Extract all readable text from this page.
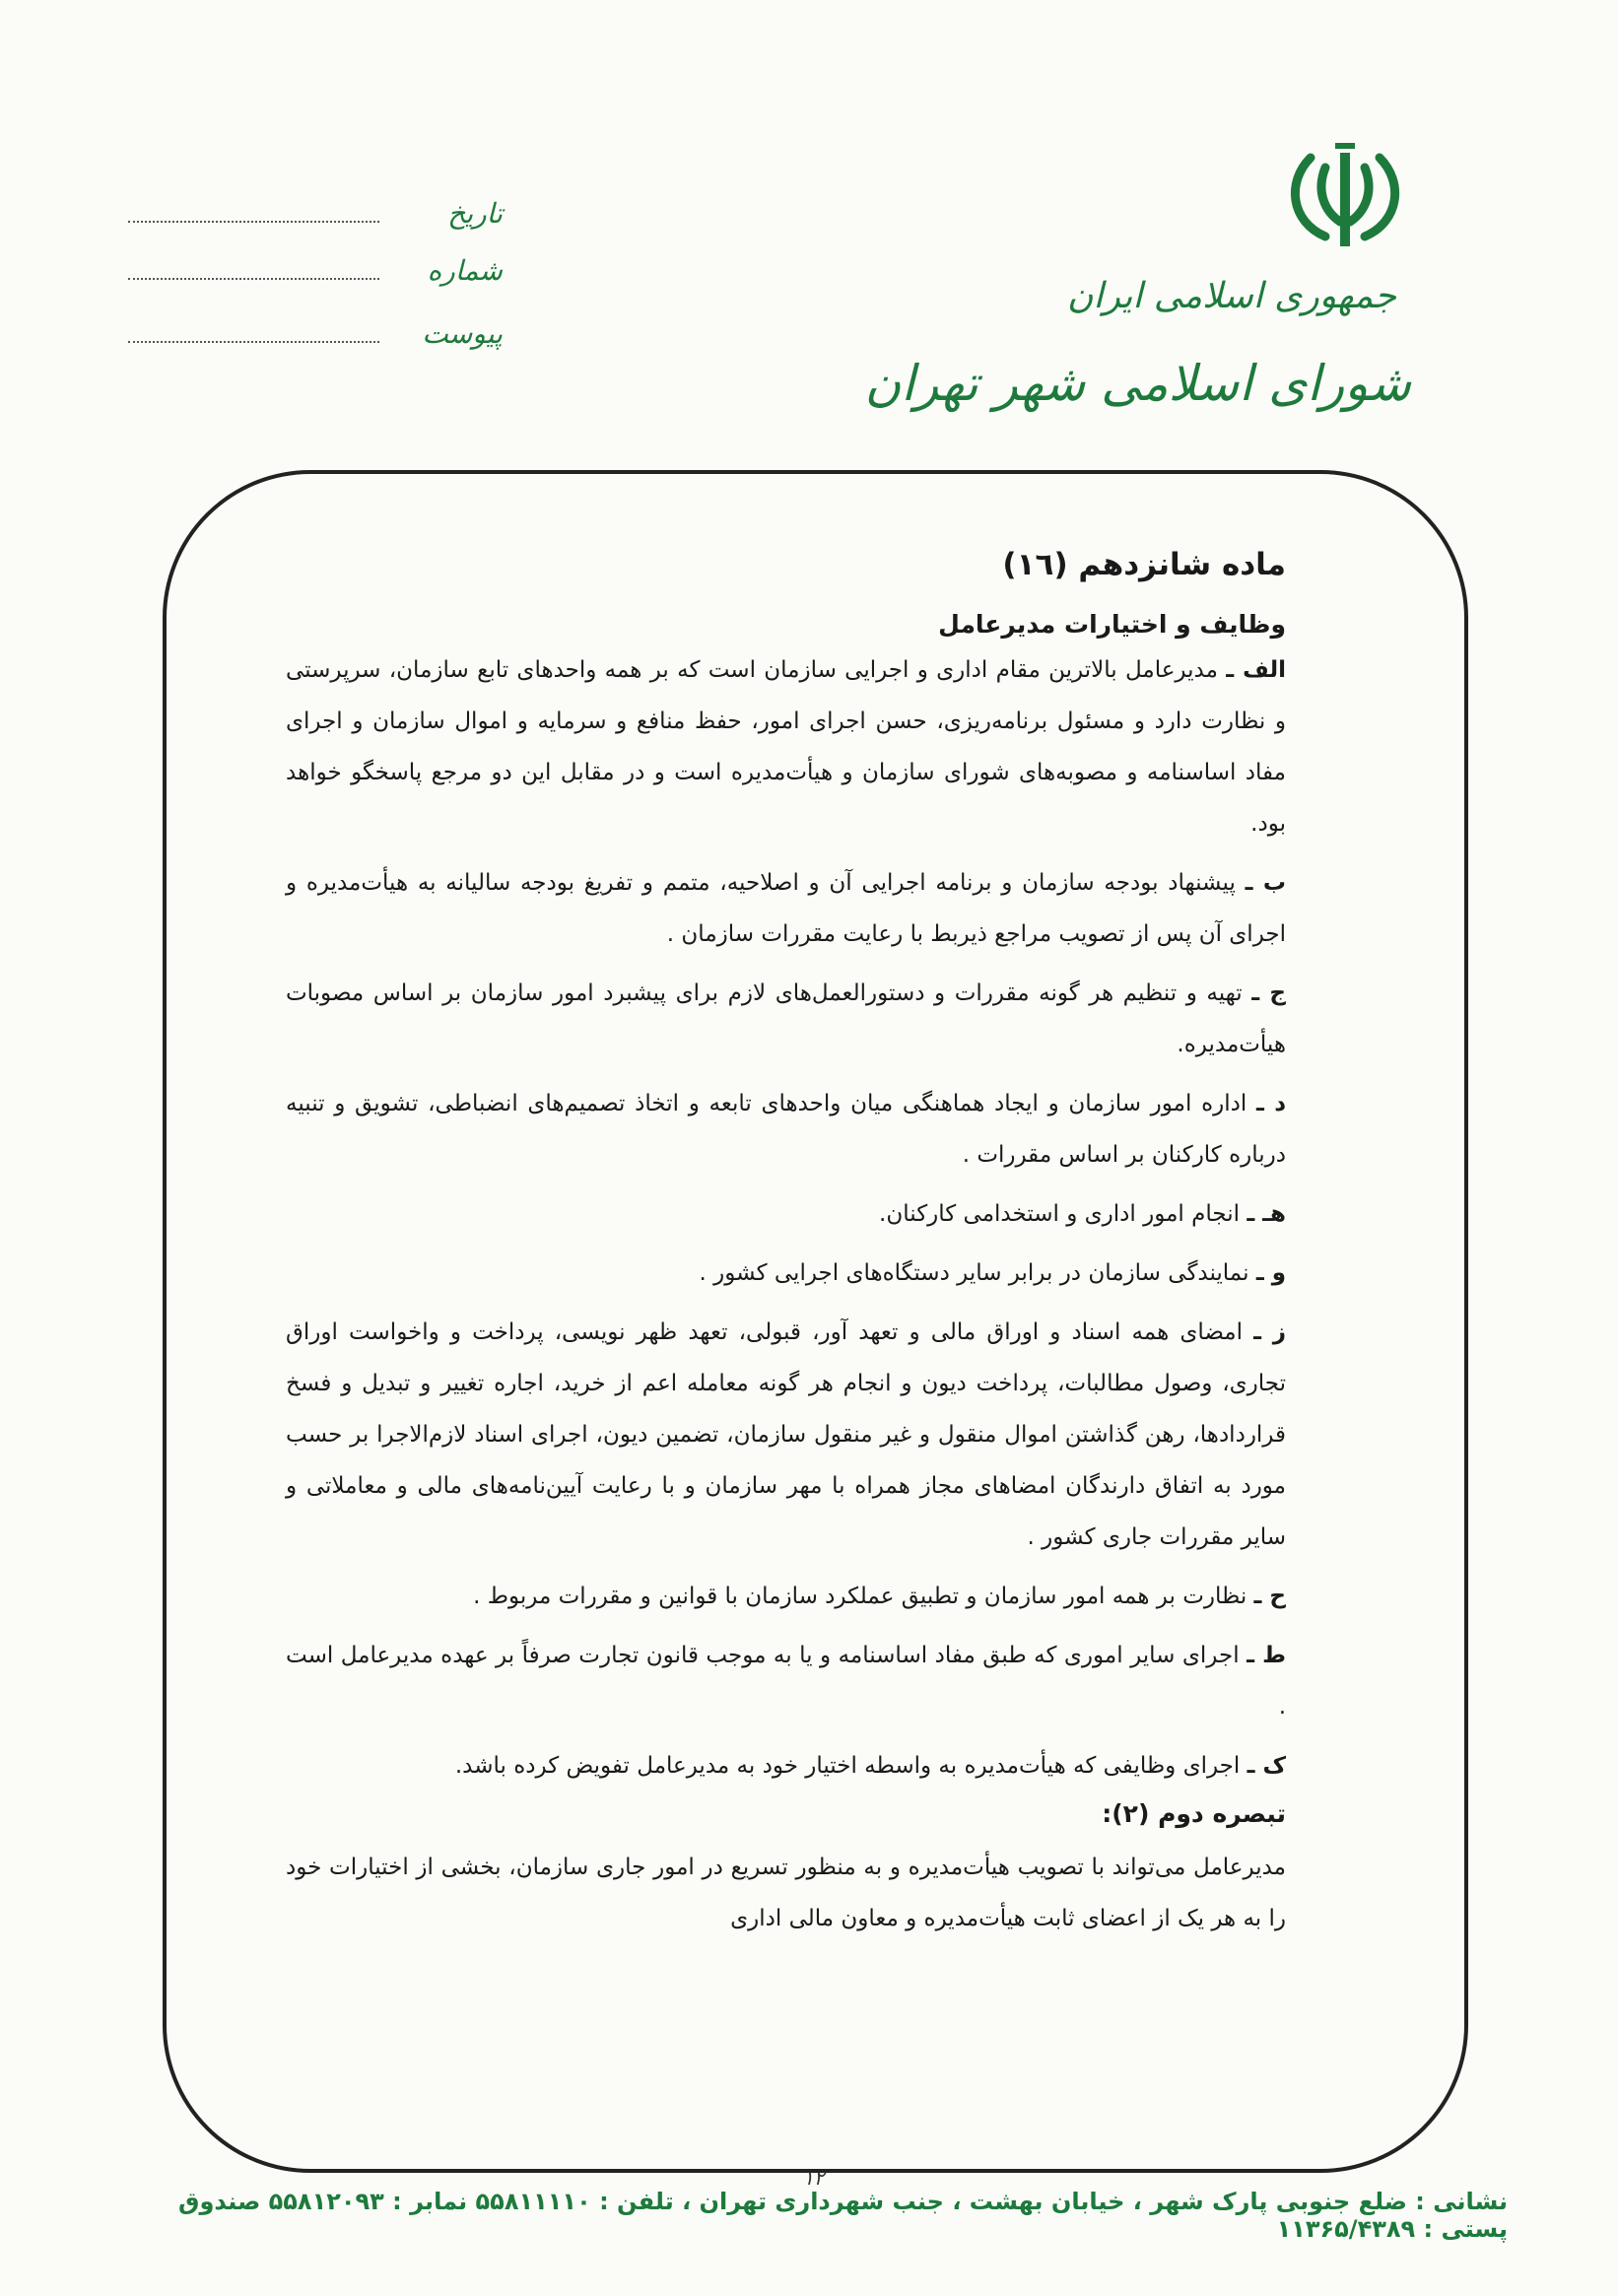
جمهوری اسلامی ایران
شورای اسلامی شهر تهران
تاریخ
شماره
پیوست
ماده شانزدهم (١٦)
وظایف و اختیارات مدیرعامل
الف ـ مدیرعامل بالاترین مقام اداری و اجرایی سازمان است که بر همه واحدهای تابع سازمان، سرپرستی و نظارت دارد و مسئول برنامه‌ریزی، حسن اجرای امور، حفظ منافع و سرمایه و اموال سازمان و اجرای مفاد اساسنامه و مصوبه‌های شورای سازمان و هیأت‌مدیره است و در مقابل این دو مرجع پاسخگو خواهد بود.
ب ـ پیشنهاد بودجه سازمان و برنامه اجرایی آن و اصلاحیه، متمم و تفریغ بودجه سالیانه به هیأت‌مدیره و اجرای آن پس از تصویب مراجع ذیربط با رعایت مقررات سازمان .
ج ـ تهیه و تنظیم هر گونه مقررات و دستورالعمل‌های لازم برای پیشبرد امور سازمان بر اساس مصوبات هیأت‌مدیره.
د ـ اداره امور سازمان و ایجاد هماهنگی میان واحدهای تابعه و اتخاذ تصمیم‌های انضباطی، تشویق و تنبیه درباره کارکنان بر اساس مقررات .
هـ ـ انجام امور اداری و استخدامی کارکنان.
و ـ نمایندگی سازمان در برابر سایر دستگاه‌های اجرایی کشور .
ز ـ امضای همه اسناد و اوراق مالی و تعهد آور، قبولی، تعهد ظهر نویسی، پرداخت و واخواست اوراق تجاری، وصول مطالبات، پرداخت دیون و انجام هر گونه معامله اعم از خرید، اجاره تغییر و تبدیل و فسخ قراردادها، رهن گذاشتن اموال منقول و غیر منقول سازمان، تضمین دیون، اجرای اسناد لازم‌الاجرا بر حسب مورد به اتفاق دارندگان امضاهای مجاز همراه با مهر سازمان و با رعایت آیین‌نامه‌های مالی و معاملاتی و سایر مقررات جاری کشور .
ح ـ نظارت بر همه امور سازمان و تطبیق عملکرد سازمان با قوانین و مقررات مربوط .
ط ـ اجرای سایر اموری که طبق مفاد اساسنامه و یا به موجب قانون تجارت صرفاً بر عهده مدیرعامل است .
ک ـ اجرای وظایفی که هیأت‌مدیره به واسطه اختیار خود به مدیرعامل تفویض کرده باشد.
تبصره دوم (۲):
مدیرعامل می‌تواند با تصویب هیأت‌مدیره و به منظور تسریع در امور جاری سازمان، بخشی از اختیارات خود را به هر یک از اعضای ثابت هیأت‌مدیره و معاون مالی اداری
۱۲
نشانی : ضلع جنوبی پارک شهر ، خیابان بهشت ، جنب شهرداری تهران ، تلفن : ۵۵۸۱۱۱۱۰ نمابر : ۵۵۸۱۲۰۹۳ صندوق پستی : ۱۱۳۶۵/۴۳۸۹
